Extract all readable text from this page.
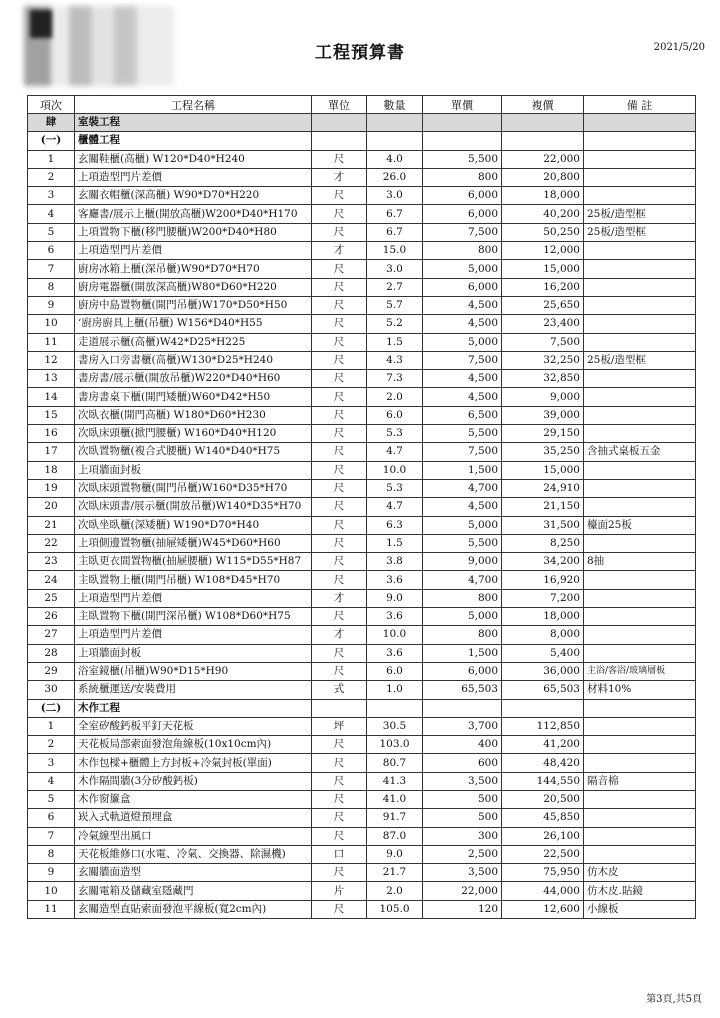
工程預算書	2021/5/20
項次	工程名稱	單位	數量	單價	複價	備 註
肆	室裝工程					
(一)	櫃體工程					
1	玄關鞋櫃(高櫃) W120*D40*H240	尺	4.0	5,500	22,000	
2	上項造型門片差價	才	26.0	800	20,800	
3	玄關衣帽櫃(深高櫃) W90*D70*H220	尺	3.0	6,000	18,000	
4	客廳書/展示上櫃(開放高櫃)W200*D40*H170	尺	6.7	6,000	40,200	25板/造型框
5	上項置物下櫃(移門腰櫃)W200*D40*H80	尺	6.7	7,500	50,250	25板/造型框
6	上項造型門片差價	才	15.0	800	12,000	
7	廚房冰箱上櫃(深吊櫃)W90*D70*H70	尺	3.0	5,000	15,000	
8	廚房電器櫃(開放深高櫃)W80*D60*H220	尺	2.7	6,000	16,200	
9	廚房中島置物櫃(開門吊櫃)W170*D50*H50	尺	5.7	4,500	25,650	
10	ʻ廚房廚具上櫃(吊櫃) W156*D40*H55	尺	5.2	4,500	23,400	
11	走道展示櫃(高櫃)W42*D25*H225	尺	1.5	5,000	7,500	
12	書房入口旁書櫃(高櫃)W130*D25*H240	尺	4.3	7,500	32,250	25板/造型框
13	書房書/展示櫃(開放吊櫃)W220*D40*H60	尺	7.3	4,500	32,850	
14	書房書桌下櫃(開門矮櫃)W60*D42*H50	尺	2.0	4,500	9,000	
15	次臥衣櫃(開門高櫃) W180*D60*H230	尺	6.0	6,500	39,000	
16	次臥床頭櫃(掀門腰櫃) W160*D40*H120	尺	5.3	5,500	29,150	
17	次臥置物櫃(複合式腰櫃) W140*D40*H75	尺	4.7	7,500	35,250	含抽式桌板五金
18	上項牆面封板	尺	10.0	1,500	15,000	
19	次臥床頭置物櫃(開門吊櫃)W160*D35*H70	尺	5.3	4,700	24,910	
20	次臥床頭書/展示櫃(開放吊櫃)W140*D35*H70	尺	4.7	4,500	21,150	
21	次臥坐臥櫃(深矮櫃) W190*D70*H40	尺	6.3	5,000	31,500	檯面25板
22	上項側邊置物櫃(抽屜矮櫃)W45*D60*H60	尺	1.5	5,500	8,250	
23	主臥更衣間置物櫃(抽屜腰櫃) W115*D55*H87	尺	3.8	9,000	34,200	8抽
24	主臥置物上櫃(開門吊櫃) W108*D45*H70	尺	3.6	4,700	16,920	
25	上項造型門片差價	才	9.0	800	7,200	
26	主臥置物下櫃(開門深吊櫃) W108*D60*H75	尺	3.6	5,000	18,000	
27	上項造型門片差價	才	10.0	800	8,000	
28	上項牆面封板	尺	3.6	1,500	5,400	
29	浴室鏡櫃(吊櫃)W90*D15*H90	尺	6.0	6,000	36,000	主浴/客浴/玻璃層板
30	系統櫃運送/安裝費用	式	1.0	65,503	65,503	材料10%
(二)	木作工程					
1	全室矽酸鈣板平釘天花板	坪	30.5	3,700	112,850	
2	天花板局部索面發泡角線板(10x10cm內)	尺	103.0	400	41,200	
3	木作包樑+櫃體上方封板+冷氣封板(單面)	尺	80.7	600	48,420	
4	木作隔間牆(3分矽酸鈣板)	尺	41.3	3,500	144,550	隔音棉
5	木作窗簾盒	尺	41.0	500	20,500	
6	崁入式軌道燈預埋盒	尺	91.7	500	45,850	
7	冷氣線型出風口	尺	87.0	300	26,100	
8	天花板維修口(水電、冷氣、交換器、除濕機)	口	9.0	2,500	22,500	
9	玄關牆面造型	尺	21.7	3,500	75,950	仿木皮
10	玄關電箱及儲藏室隱藏門	片	2.0	22,000	44,000	仿木皮.貼鏡
11	玄關造型直貼索面發泡平線板(寬2cm內)	尺	105.0	120	12,600	小線板
第3頁,共5頁
